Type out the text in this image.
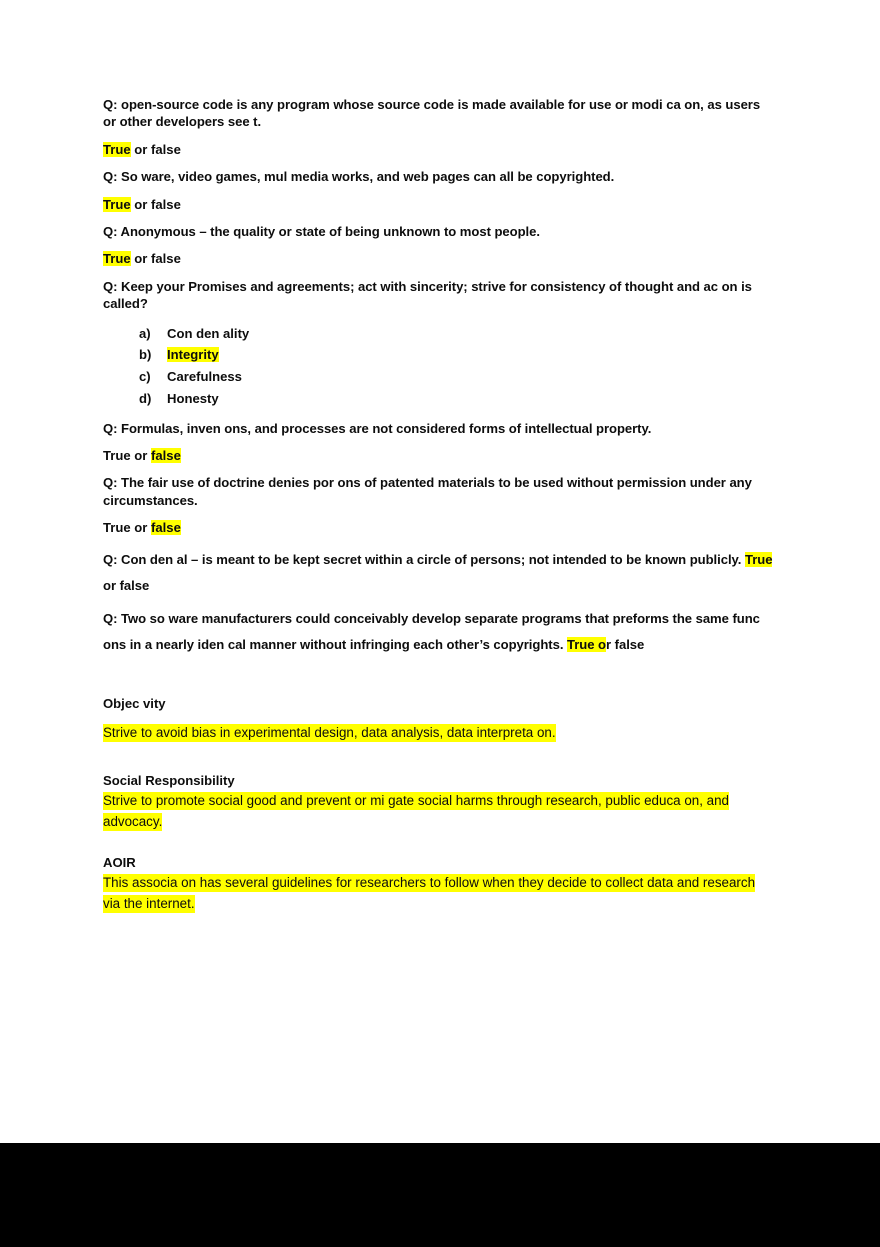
Q: open-source code is any program whose source code is made available for use or modi ca on, as users or other developers see t.

True or false

Q: So ware, video games, mul media works, and web pages can all be copyrighted.

True or false

Q: Anonymous – the quality or state of being unknown to most people.

True or false

Q: Keep your Promises and agreements; act with sincerity; strive for consistency of thought and ac on is called?

a) Con den ality
b) Integrity
c) Carefulness
d) Honesty

Q: Formulas, inven ons, and processes are not considered forms of intellectual property.

True or false

Q: The fair use of doctrine denies por ons of patented materials to be used without permission under any circumstances.

True or false

Q: Con den al – is meant to be kept secret within a circle of persons; not intended to be known publicly. True or false

Q: Two so ware manufacturers could conceivably develop separate programs that preforms the same func ons in a nearly iden cal manner without infringing each other’s copyrights. True or false

Objec vity

Strive to avoid bias in experimental design, data analysis, data interpreta on.

Social Responsibility

Strive to promote social good and prevent or mi gate social harms through research, public educa on, and advocacy.

AOIR

This associa on has several guidelines for researchers to follow when they decide to collect data and research via the internet.
